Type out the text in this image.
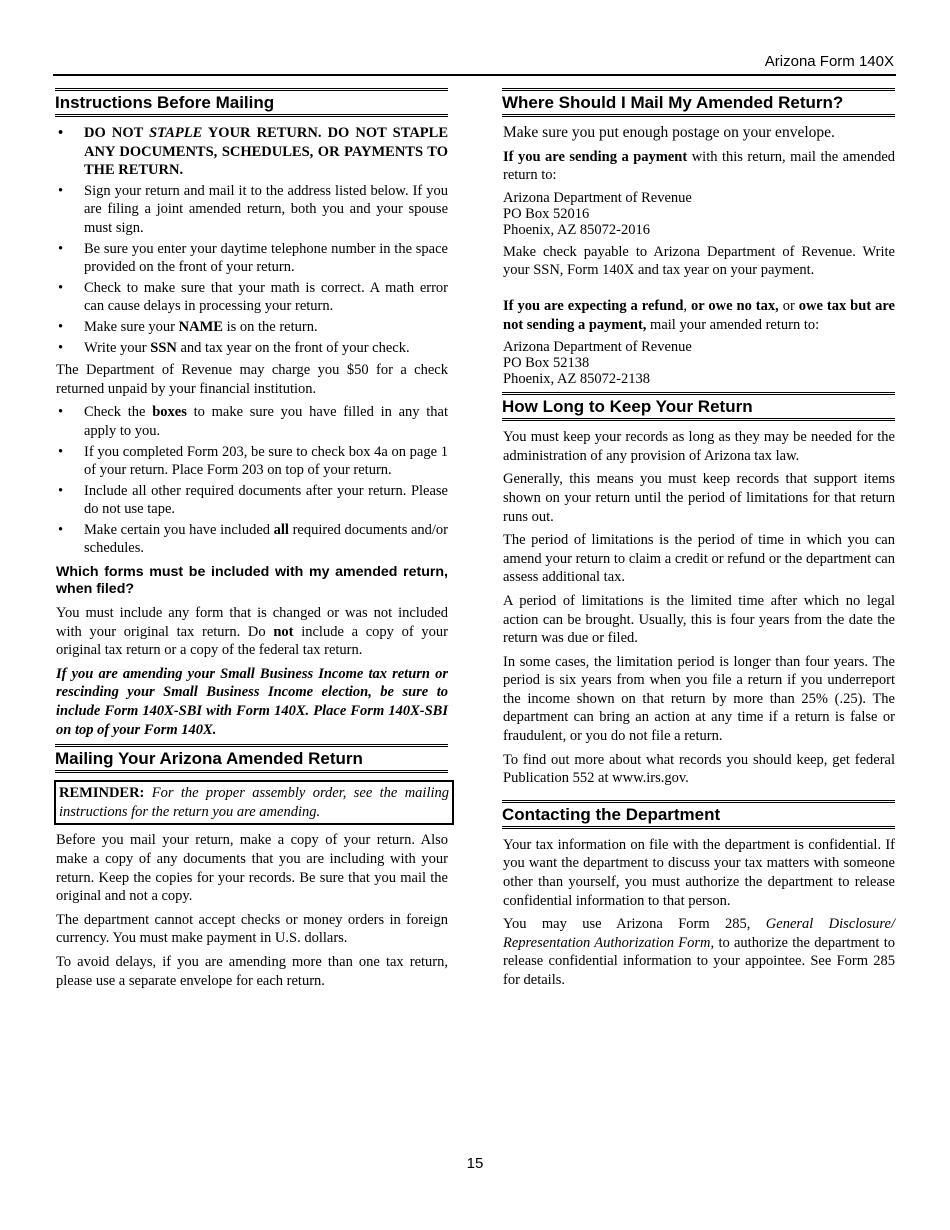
Arizona Form 140X
Instructions Before Mailing
• DO NOT STAPLE YOUR RETURN. DO NOT STAPLE ANY DOCUMENTS, SCHEDULES, OR PAYMENTS TO THE RETURN.
• Sign your return and mail it to the address listed below. If you are filing a joint amended return, both you and your spouse must sign.
• Be sure you enter your daytime telephone number in the space provided on the front of your return.
• Check to make sure that your math is correct. A math error can cause delays in processing your return.
• Make sure your NAME is on the return.
• Write your SSN and tax year on the front of your check.

The Department of Revenue may charge you $50 for a check returned unpaid by your financial institution.

• Check the boxes to make sure you have filled in any that apply to you.
• If you completed Form 203, be sure to check box 4a on page 1 of your return. Place Form 203 on top of your return.
• Include all other required documents after your return. Please do not use tape.
• Make certain you have included all required documents and/or schedules.
Which forms must be included with my amended return, when filed?

You must include any form that is changed or was not included with your original tax return. Do not include a copy of your original tax return or a copy of the federal tax return.

If you are amending your Small Business Income tax return or rescinding your Small Business Income election, be sure to include Form 140X-SBI with Form 140X. Place Form 140X-SBI on top of your Form 140X.

Mailing Your Arizona Amended Return
REMINDER: For the proper assembly order, see the mailing instructions for the return you are amending.

Before you mail your return, make a copy of your return. Also make a copy of any documents that you are including with your return. Keep the copies for your records. Be sure that you mail the original and not a copy.

The department cannot accept checks or money orders in foreign currency. You must make payment in U.S. dollars.

To avoid delays, if you are amending more than one tax return, please use a separate envelope for each return.

Where Should I Mail My Amended Return?

Make sure you put enough postage on your envelope.

If you are sending a payment with this return, mail the amended return to:

Arizona Department of Revenue
PO Box 52016
Phoenix, AZ 85072-2016

Make check payable to Arizona Department of Revenue. Write your SSN, Form 140X and tax year on your payment.

If you are expecting a refund, or owe no tax, or owe tax but are not sending a payment, mail your amended return to:

Arizona Department of Revenue
PO Box 52138
Phoenix, AZ 85072-2138
How Long to Keep Your Return

You must keep your records as long as they may be needed for the administration of any provision of Arizona tax law.

Generally, this means you must keep records that support items shown on your return until the period of limitations for that return runs out.

The period of limitations is the period of time in which you can amend your return to claim a credit or refund or the department can assess additional tax.

A period of limitations is the limited time after which no legal action can be brought. Usually, this is four years from the date the return was due or filed.

In some cases, the limitation period is longer than four years. The period is six years from when you file a return if you underreport the income shown on that return by more than 25% (.25). The department can bring an action at any time if a return is false or fraudulent, or you do not file a return.

To find out more about what records you should keep, get federal Publication 552 at www.irs.gov.

Contacting the Department

Your tax information on file with the department is confidential. If you want the department to discuss your tax matters with someone other than yourself, you must authorize the department to release confidential information to that person.

You may use Arizona Form 285, General Disclosure/ Representation Authorization Form, to authorize the department to release confidential information to your appointee. See Form 285 for details.

15
